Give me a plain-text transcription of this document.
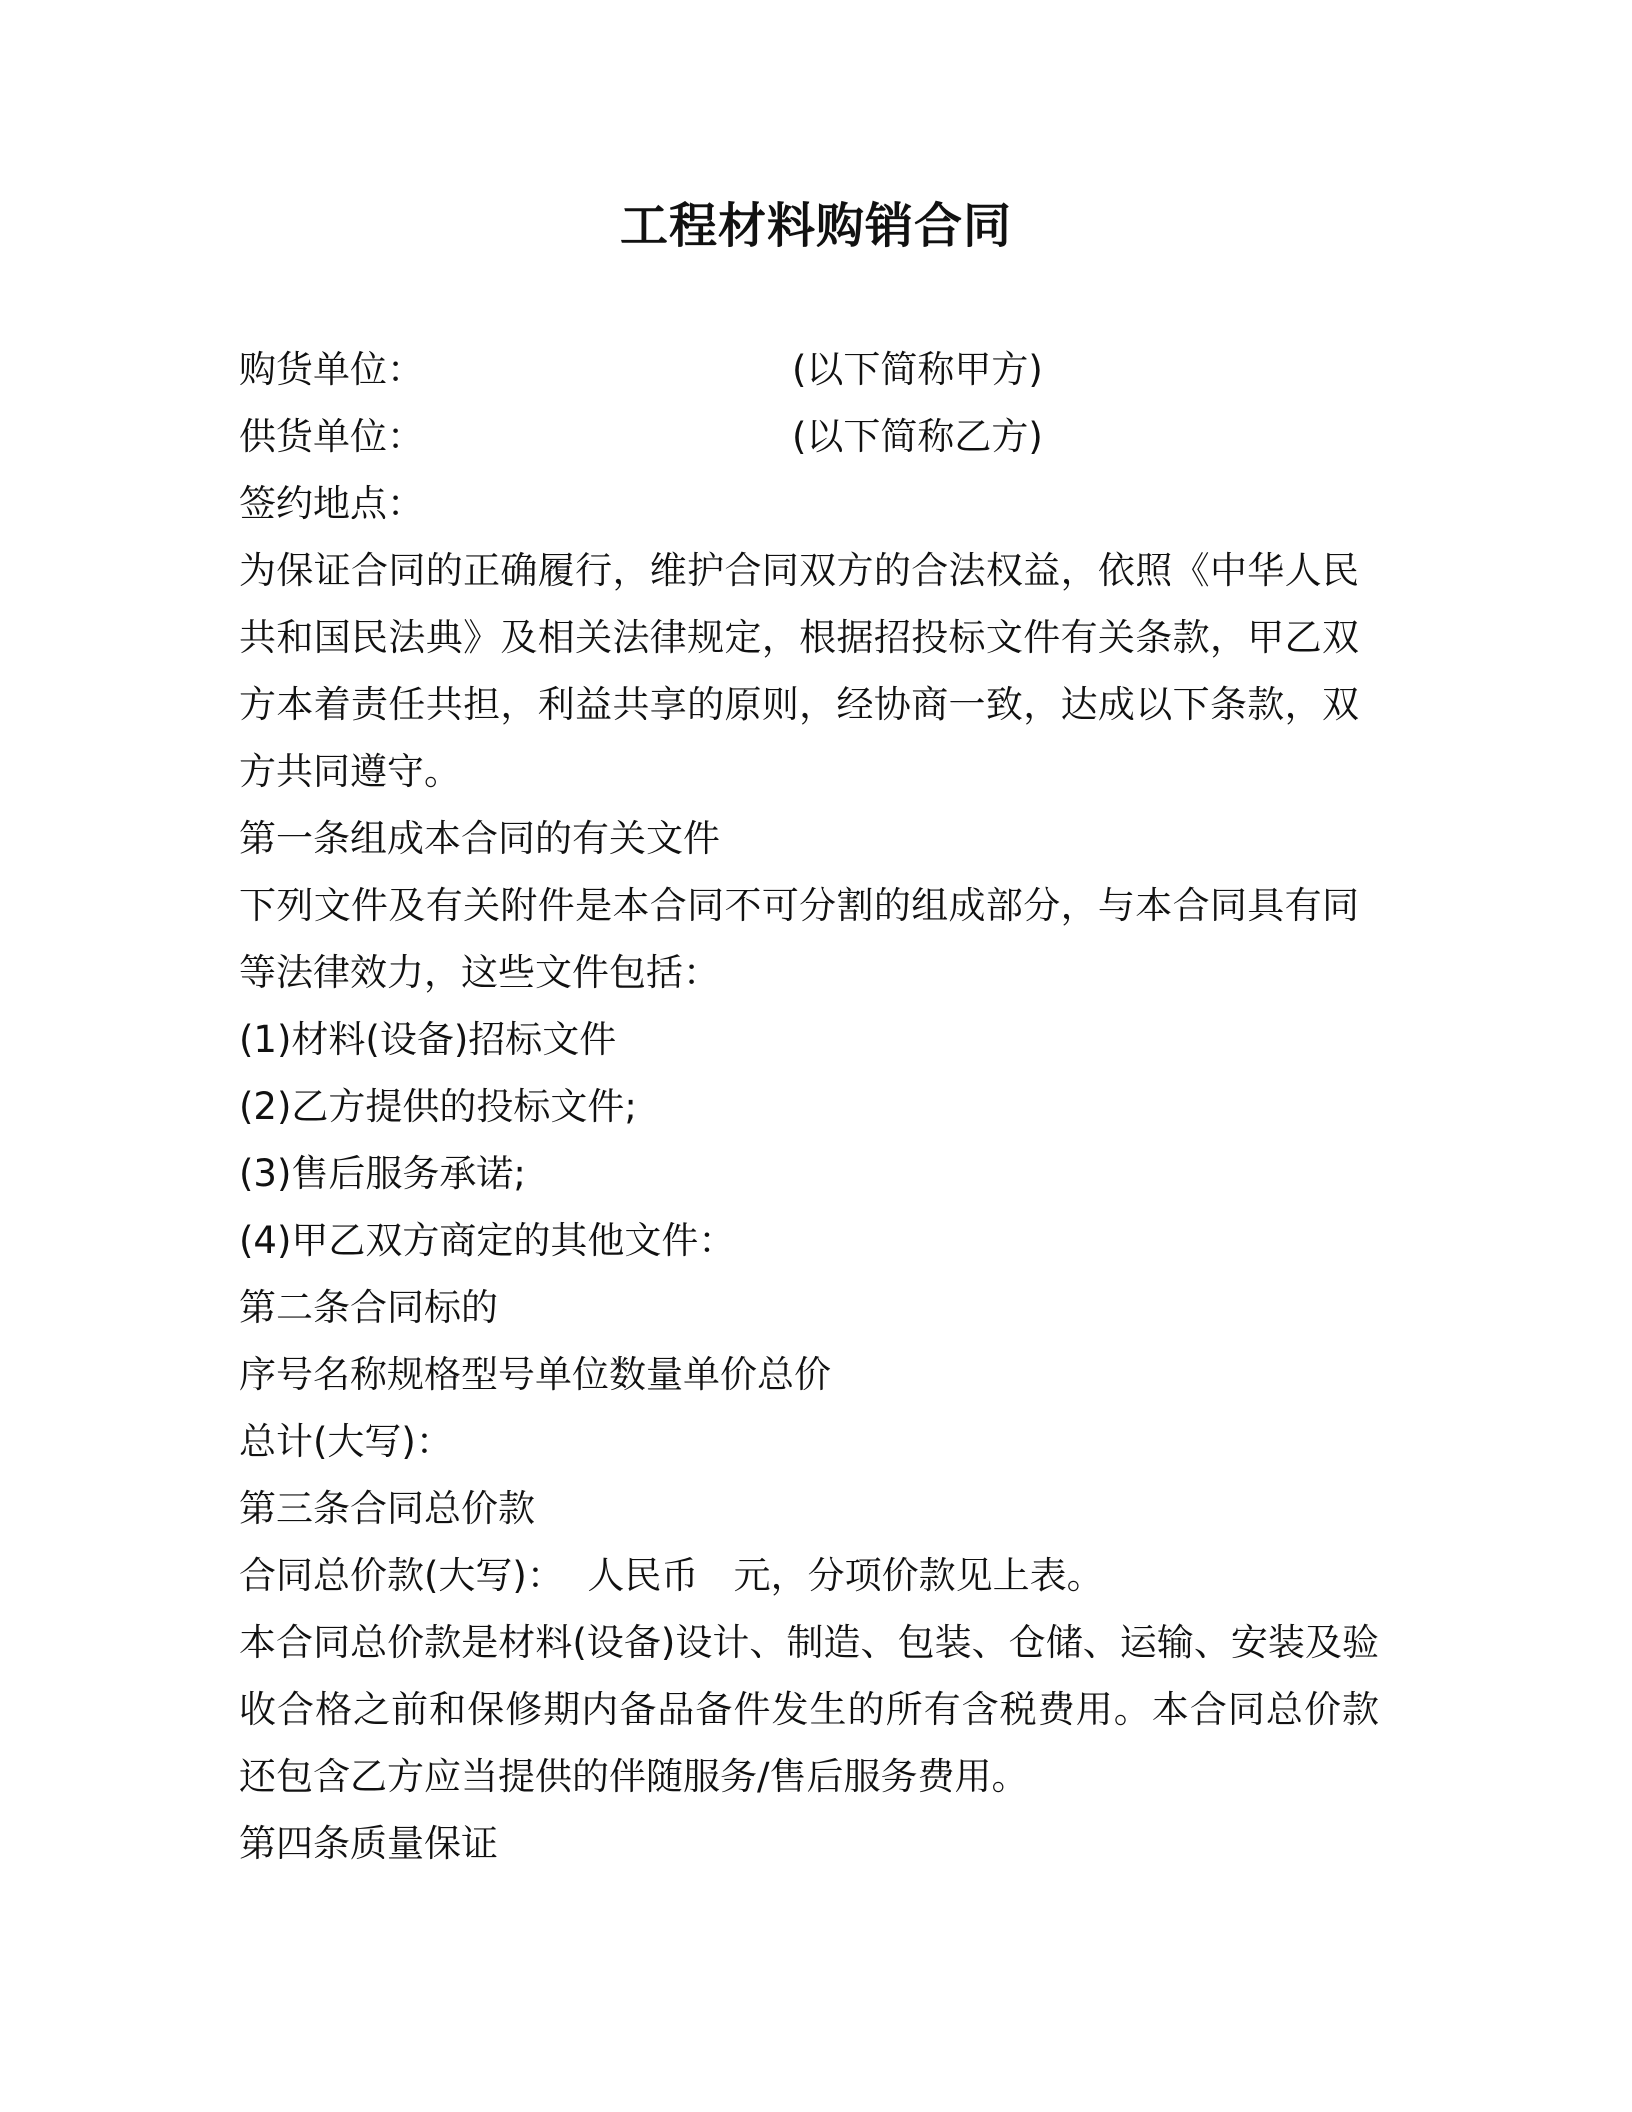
工程材料购销合同
购货单位：	(以下简称甲方)
供货单位：	(以下简称乙方)
签约地点：
为保证合同的正确履行，维护合同双方的合法权益，依照《中华人民共和国民法典》及相关法律规定，根据招投标文件有关条款，甲乙双方本着责任共担，利益共享的原则，经协商一致，达成以下条款，双方共同遵守。
第一条组成本合同的有关文件
下列文件及有关附件是本合同不可分割的组成部分，与本合同具有同等法律效力，这些文件包括：
(1)材料(设备)招标文件
(2)乙方提供的投标文件;
(3)售后服务承诺;
(4)甲乙双方商定的其他文件：
第二条合同标的
序号名称规格型号单位数量单价总价
总计(大写)：
第三条合同总价款
合同总价款(大写)：  人民币   元，分项价款见上表。
本合同总价款是材料(设备)设计、制造、包装、仓储、运输、安装及验收合格之前和保修期内备品备件发生的所有含税费用。本合同总价款还包含乙方应当提供的伴随服务/售后服务费用。
第四条质量保证
